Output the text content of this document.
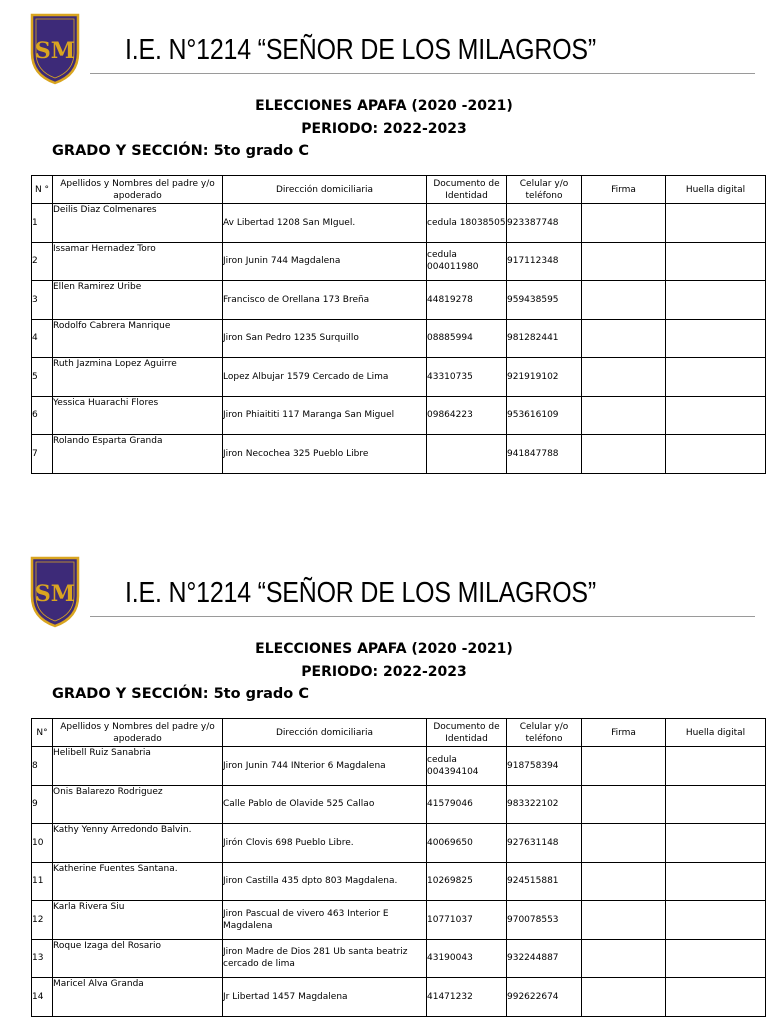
SM I.E. N°1214 “SEÑOR DE LOS MILAGROS”
ELECCIONES APAFA (2020 -2021)
PERIODO: 2022-2023
GRADO Y SECCIÓN: 5to grado C
N °	Apellidos y Nombres del padre y/o apoderado	Dirección domiciliaria	Documento de Identidad	Celular y/o teléfono	Firma	Huella digital
1	Deilis Diaz Colmenares	Av Libertad 1208 San MIguel.	cedula 18038505	923387748		
2	Issamar Hernadez Toro	Jiron Junin 744 Magdalena	cedula 004011980	917112348		
3	Ellen Ramirez Uribe	Francisco de Orellana 173 Breña	44819278	959438595		
4	Rodolfo Cabrera Manrique	Jiron San Pedro 1235 Surquillo	08885994	981282441		
5	Ruth Jazmina Lopez Aguirre	Lopez Albujar 1579 Cercado de Lima	43310735	921919102		
6	Yessica Huarachi Flores	Jiron Phiaititi 117 Maranga San Miguel	09864223	953616109		
7	Rolando Esparta Granda	Jiron Necochea 325 Pueblo Libre		941847788		
SM I.E. N°1214 “SEÑOR DE LOS MILAGROS”
ELECCIONES APAFA (2020 -2021)
PERIODO: 2022-2023
GRADO Y SECCIÓN: 5to grado C
N°	Apellidos y Nombres del padre y/o apoderado	Dirección domiciliaria	Documento de Identidad	Celular y/o teléfono	Firma	Huella digital
8	Helibell Ruiz Sanabria	Jiron Junin 744 INterior 6 Magdalena	cedula 004394104	918758394		
9	Onis Balarezo Rodriguez	Calle Pablo de Olavide 525 Callao	41579046	983322102		
10	Kathy Yenny Arredondo Balvin.	Jirón Clovis 698 Pueblo Libre.	40069650	927631148		
11	Katherine Fuentes Santana.	Jiron Castilla 435 dpto 803 Magdalena.	10269825	924515881		
12	Karla Rivera Siu	Jiron Pascual de vivero 463 Interior E Magdalena	10771037	970078553		
13	Roque Izaga del Rosario	Jiron Madre de Dios 281 Ub santa beatriz cercado de lima	43190043	932244887		
14	Maricel Alva Granda	Jr Libertad 1457 Magdalena	41471232	992622674		
